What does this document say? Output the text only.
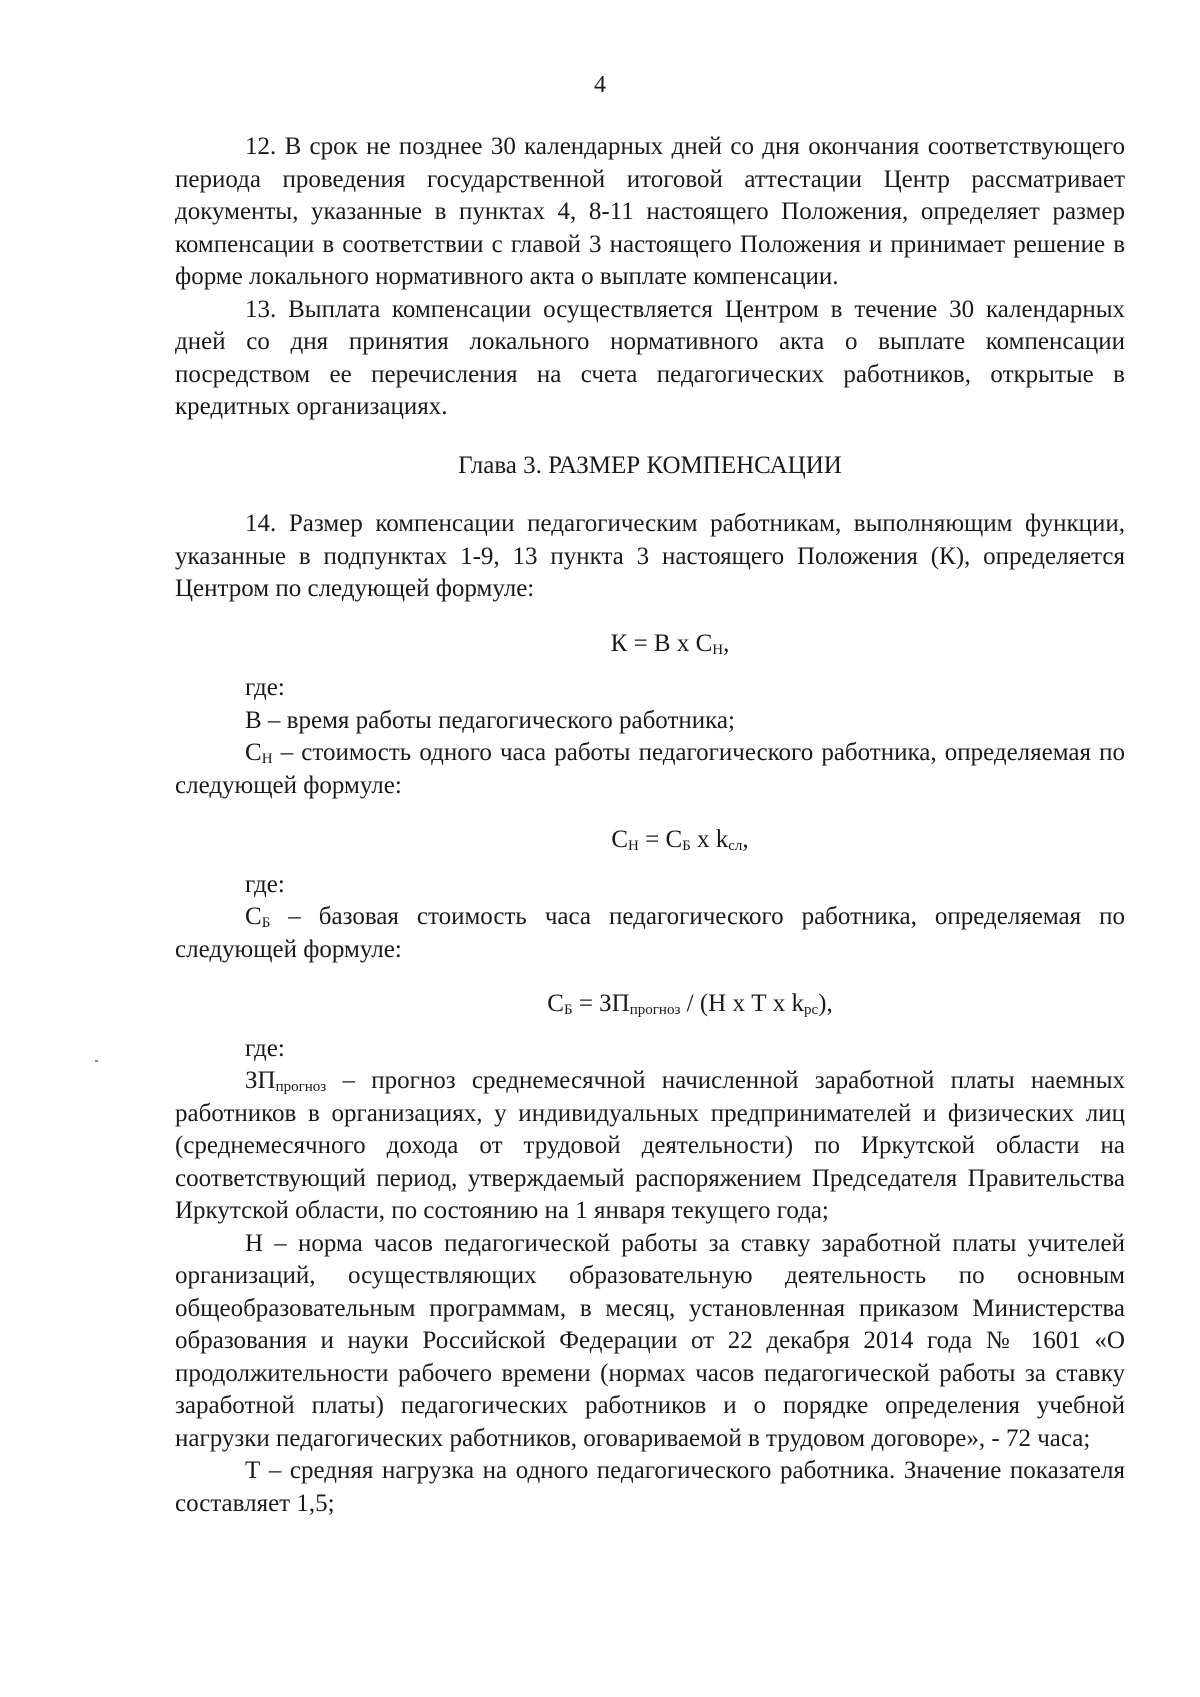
4

12. В срок не позднее 30 календарных дней со дня окончания соответствующего периода проведения государственной итоговой аттестации Центр рассматривает документы, указанные в пунктах 4, 8-11 настоящего Положения, определяет размер компенсации в соответствии с главой 3 настоящего Положения и принимает решение в форме локального нормативного акта о выплате компенсации.

13. Выплата компенсации осуществляется Центром в течение 30 календарных дней со дня принятия локального нормативного акта о выплате компенсации посредством ее перечисления на счета педагогических работников, открытые в кредитных организациях.

Глава 3. РАЗМЕР КОМПЕНСАЦИИ

14. Размер компенсации педагогическим работникам, выполняющим функции, указанные в подпунктах 1-9, 13 пункта 3 настоящего Положения (К), определяется Центром по следующей формуле:

К = В х $С_Н$,

где:

В – время работы педагогического работника;

$С_Н$ – стоимость одного часа работы педагогического работника, определяемая по следующей формуле:

$С_Н = С_Б$ х $k_{сл}$,

где:

$С_Б$ – базовая стоимость часа педагогического работника, определяемая по следующей формуле:

$С_Б = ЗП_{прогноз} / (Н$ х Т х $k_{рс}$),

где:

$ЗП_{прогноз}$ – прогноз среднемесячной начисленной заработной платы наемных работников в организациях, у индивидуальных предпринимателей и физических лиц (среднемесячного дохода от трудовой деятельности) по Иркутской области на соответствующий период, утверждаемый распоряжением Председателя Правительства Иркутской области, по состоянию на 1 января текущего года;

Н – норма часов педагогической работы за ставку заработной платы учителей организаций, осуществляющих образовательную деятельность по основным общеобразовательным программам, в месяц, установленная приказом Министерства образования и науки Российской Федерации от 22 декабря 2014 года № 1601 «О продолжительности рабочего времени (нормах часов педагогической работы за ставку заработной платы) педагогических работников и о порядке определения учебной нагрузки педагогических работников, оговариваемой в трудовом договоре», - 72 часа;

Т – средняя нагрузка на одного педагогического работника. Значение показателя составляет 1,5;
